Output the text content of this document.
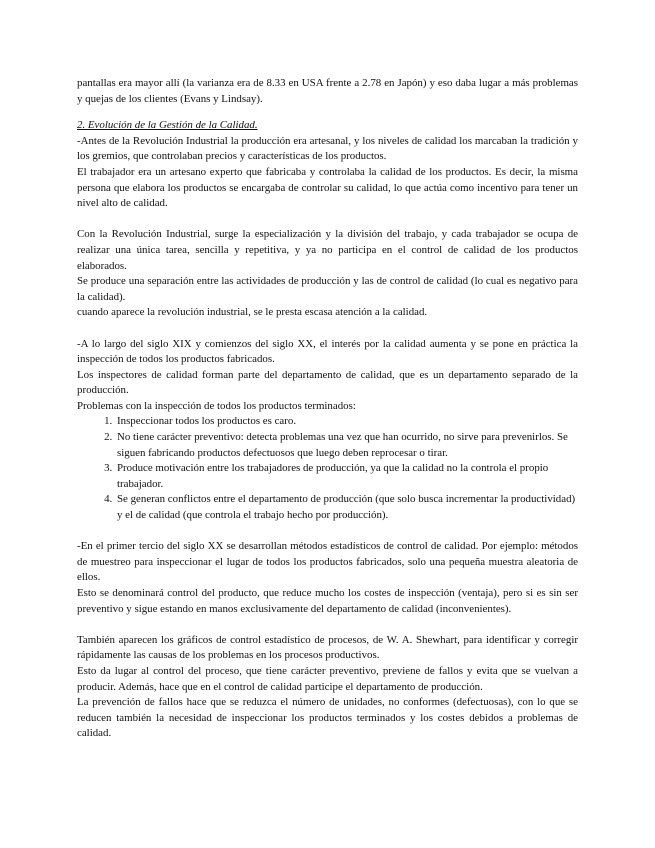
pantallas era mayor allí (la varianza era de 8.33 en USA frente a 2.78 en Japón) y eso daba lugar a más problemas y quejas de los clientes (Evans y Lindsay).

2. Evolución de la Gestión de la Calidad.

-Antes de la Revolución Industrial la producción era artesanal, y los niveles de calidad los marcaban la tradición y los gremios, que controlaban precios y características de los productos.

El trabajador era un artesano experto que fabricaba y controlaba la calidad de los productos. Es decir, la misma persona que elabora los productos se encargaba de controlar su calidad, lo que actúa como incentivo para tener un nivel alto de calidad.

Con la Revolución Industrial, surge la especialización y la división del trabajo, y cada trabajador se ocupa de realizar una única tarea, sencilla y repetitiva, y ya no participa en el control de calidad de los productos elaborados.

Se produce una separación entre las actividades de producción y las de control de calidad (lo cual es negativo para la calidad).

cuando aparece la revolución industrial, se le presta escasa atención a la calidad.

-A lo largo del siglo XIX y comienzos del siglo XX, el interés por la calidad aumenta y se pone en práctica la inspección de todos los productos fabricados.

Los inspectores de calidad forman parte del departamento de calidad, que es un departamento separado de la producción.

Problemas con la inspección de todos los productos terminados:

1. Inspeccionar todos los productos es caro.
2. No tiene carácter preventivo: detecta problemas una vez que han ocurrido, no sirve para prevenirlos. Se siguen fabricando productos defectuosos que luego deben reprocesar o tirar.
3. Produce motivación entre los trabajadores de producción, ya que la calidad no la controla el propio trabajador.
4. Se generan conflictos entre el departamento de producción (que solo busca incrementar la productividad) y el de calidad (que controla el trabajo hecho por producción).

-En el primer tercio del siglo XX se desarrollan métodos estadísticos de control de calidad. Por ejemplo: métodos de muestreo para inspeccionar el lugar de todos los productos fabricados, solo una pequeña muestra aleatoria de ellos.

Esto se denominará control del producto, que reduce mucho los costes de inspección (ventaja), pero si es sin ser preventivo y sigue estando en manos exclusivamente del departamento de calidad (inconvenientes).

También aparecen los gráficos de control estadístico de procesos, de W. A. Shewhart, para identificar y corregir rápidamente las causas de los problemas en los procesos productivos.

Esto da lugar al control del proceso, que tiene carácter preventivo, previene de fallos y evita que se vuelvan a producir. Además, hace que en el control de calidad participe el departamento de producción.

La prevención de fallos hace que se reduzca el número de unidades, no conformes (defectuosas), con lo que se reducen también la necesidad de inspeccionar los productos terminados y los costes debidos a problemas de calidad.
